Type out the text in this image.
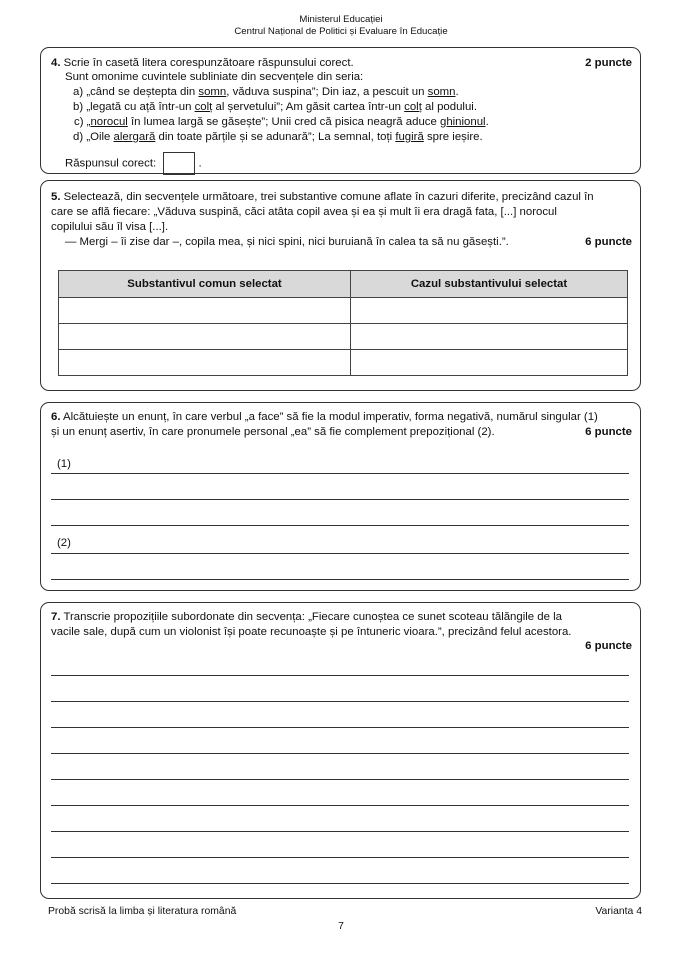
Ministerul Educației
Centrul Național de Politici și Evaluare în Educație
4. Scrie în casetă litera corespunzătoare răspunsului corect.	2 puncte
Sunt omonime cuvintele subliniate din secvențele din seria:
a) „când se deștepta din somn, văduva suspina”; Din iaz, a pescuit un somn.
b) „legată cu ață într-un colț al șervetului”; Am găsit cartea într-un colț al podului.
c) „norocul în lumea largă se găsește”; Unii cred că pisica neagră aduce ghinionul.
d) „Oile alergară din toate părțile și se adunară”; La semnal, toți fugiră spre ieșire.
Răspunsul corect:	.
5. Selectează, din secvențele următoare, trei substantive comune aflate în cazuri diferite, precizând cazul în
care se află fiecare: „Văduva suspină, căci atâta copil avea și ea și mult îi era dragă fata, [...] norocul
copilului său îl visa [...].
— Mergi – îi zise dar –, copila mea, și nici spini, nici buruiană în calea ta să nu găsești.”.	6 puncte
Substantivul comun selectat	Cazul substantivului selectat

6. Alcătuiește un enunț, în care verbul „a face” să fie la modul imperativ, forma negativă, numărul singular (1)
și un enunț asertiv, în care pronumele personal „ea” să fie complement prepozițional (2).	6 puncte
(1)
(2)
7. Transcrie propozițiile subordonate din secvența: „Fiecare cunoștea ce sunet scoteau tălăngile de la
vacile sale, după cum un violonist își poate recunoaște și pe întuneric vioara.”, precizând felul acestora.
6 puncte
Probă scrisă la limba și literatura română	Varianta 4
7
